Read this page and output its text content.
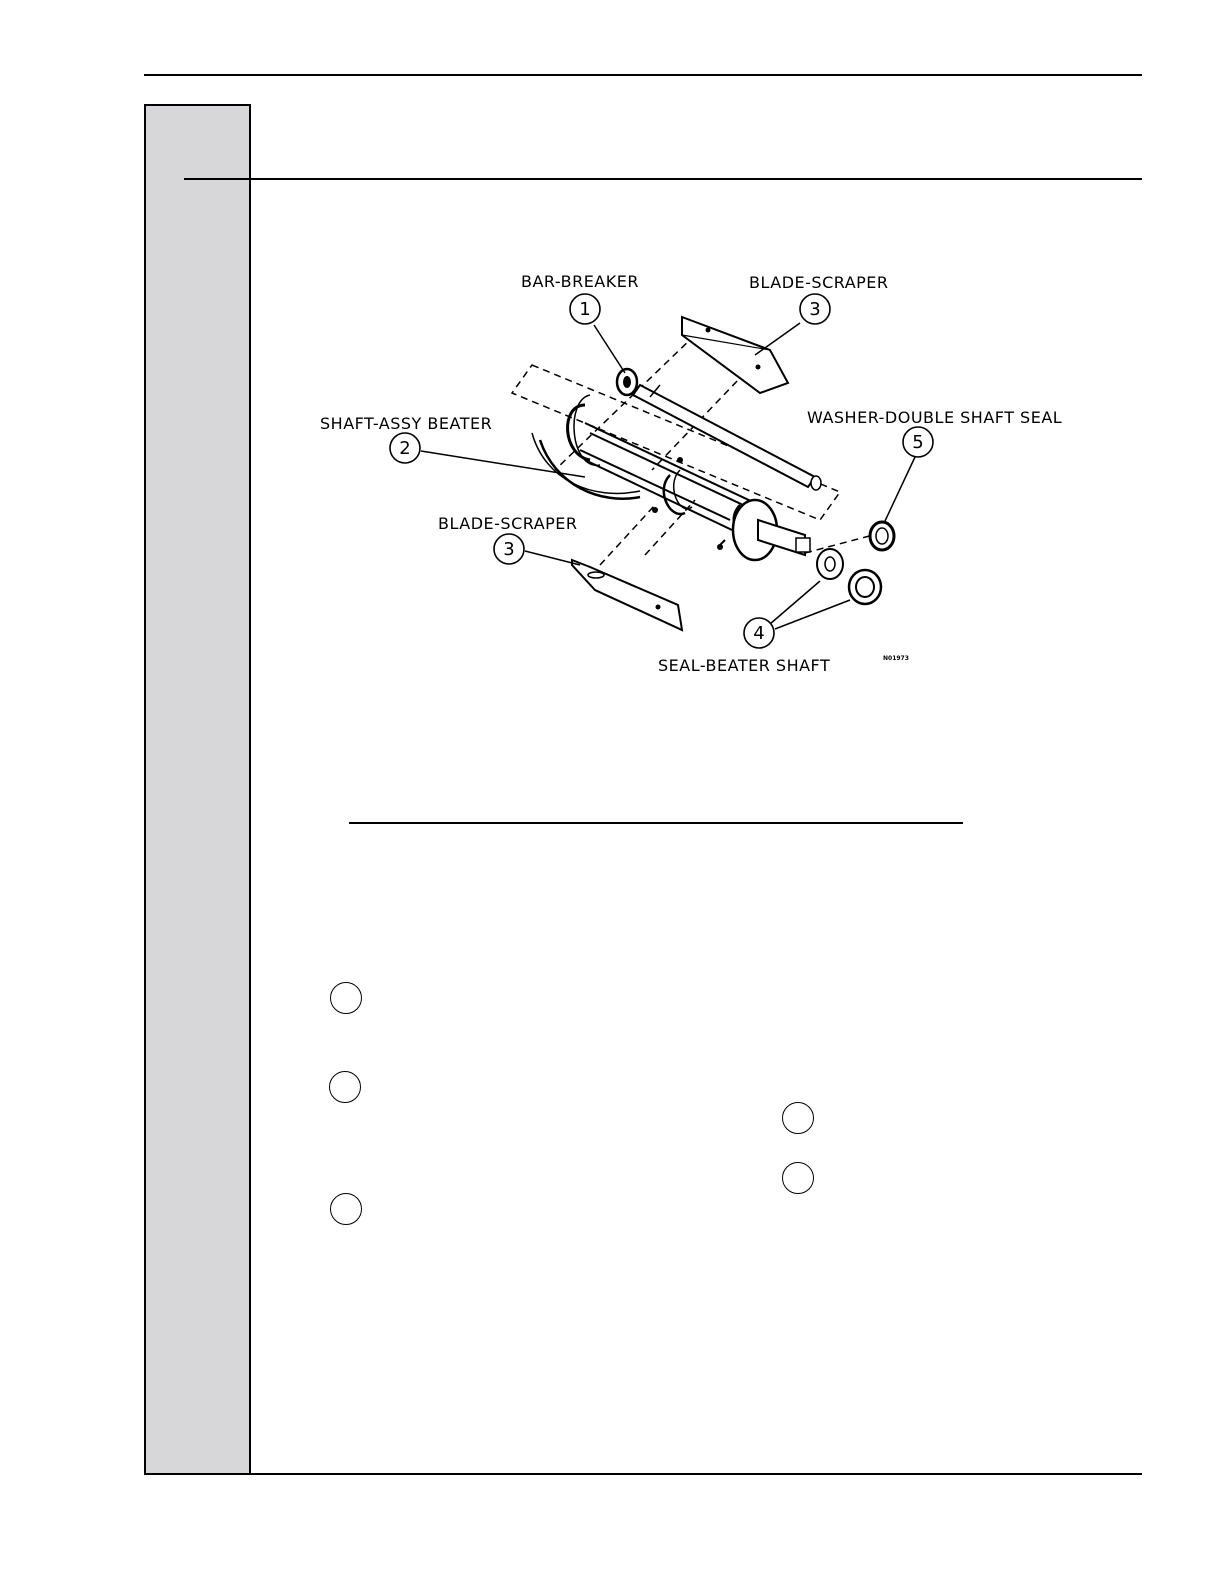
1	3
2	5
3
4
BAR-BREAKER	BLADE-SCRAPER
WASHER-DOUBLE SHAFT SEAL
SHAFT-ASSY BEATER
BLADE-SCRAPER
SEAL-BEATER SHAFT	N01973
